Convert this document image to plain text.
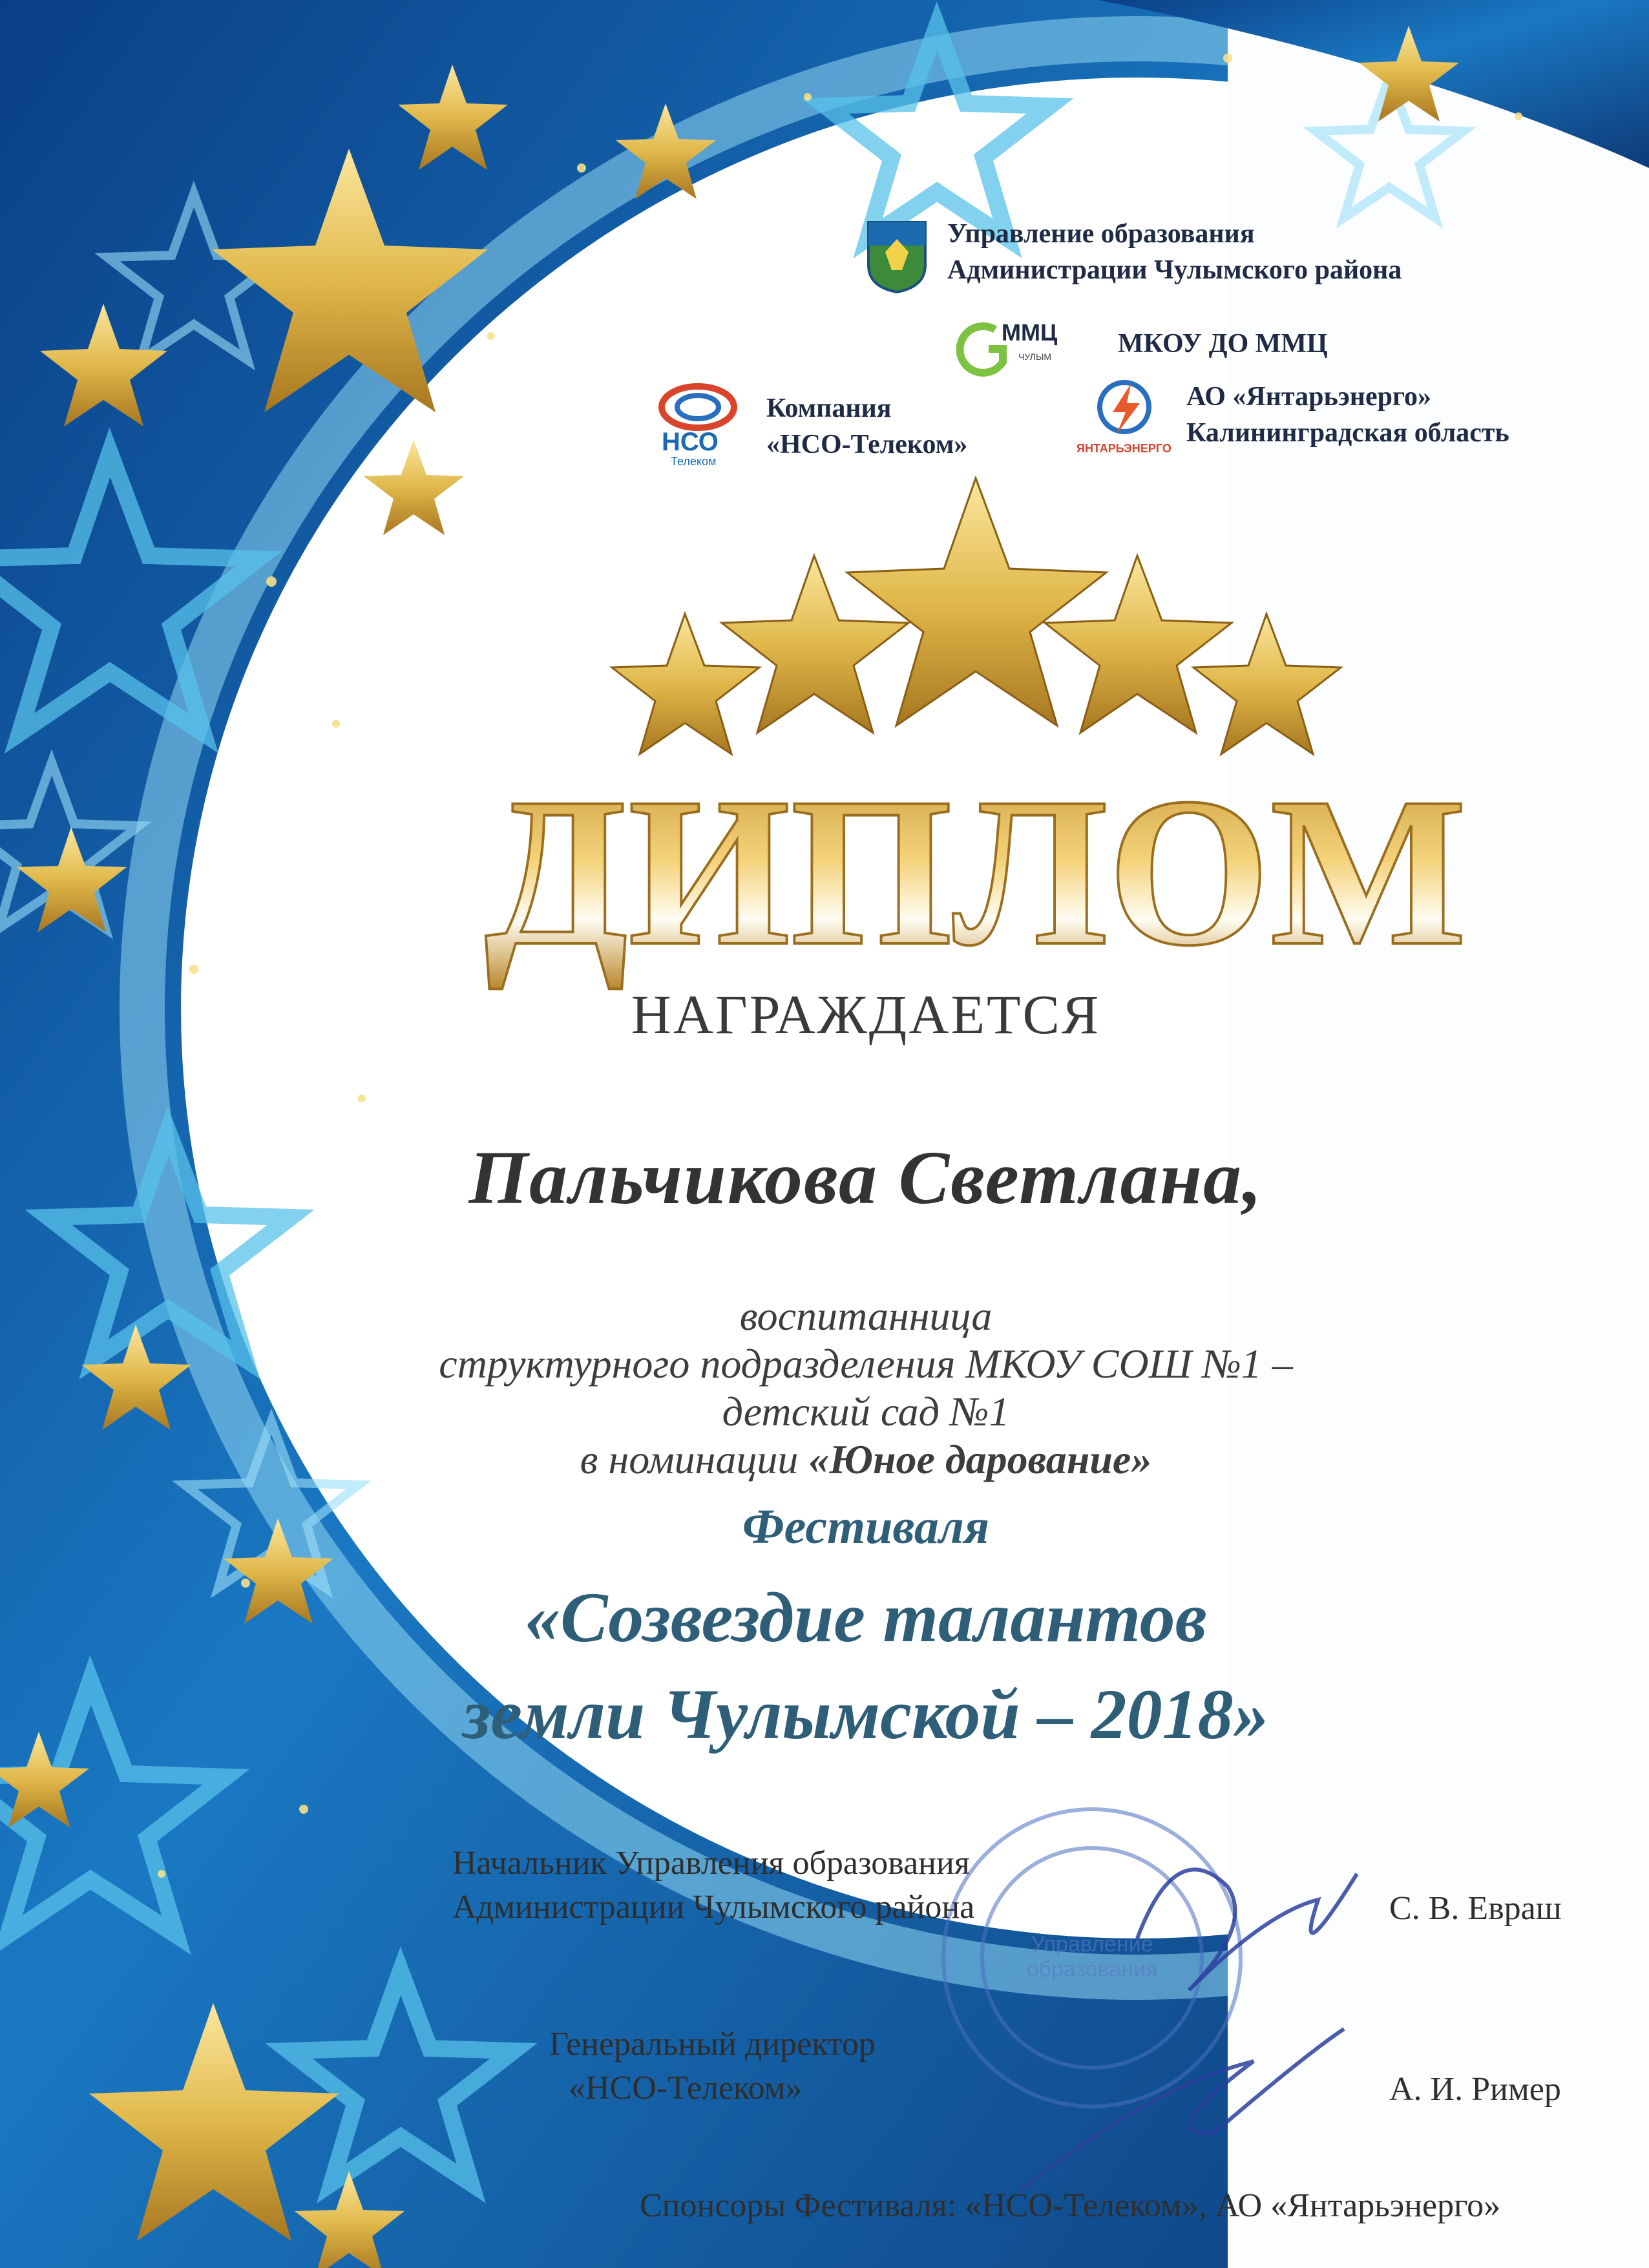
Управление образования
Администрации Чулымского района
ММЦ
ЧУЛЫМ МКОУ ДО ММЦ
НСО
Телеком
Компания
«НСО-Телеком»	ЯНТАРЬЭНЕРГО
АО «Янтарьэнерго»
Калининградская область
ДИПЛОМ
НАГРАЖДАЕТСЯ
Пальчикова Светлана,
воспитанница
структурного подразделения МКОУ СОШ №1 –
детский сад №1
в номинации «Юное дарование»
Фестиваля
«Созвездие талантов
земли Чулымской – 2018»
Начальник Управления образования
Администрации Чулымского района
Управление образования
С. В. Евраш
Генеральный директор
«НСО-Телеком»	А. И. Ример
Спонсоры Фестиваля: «НСО-Телеком», АО «Янтарьэнерго»
